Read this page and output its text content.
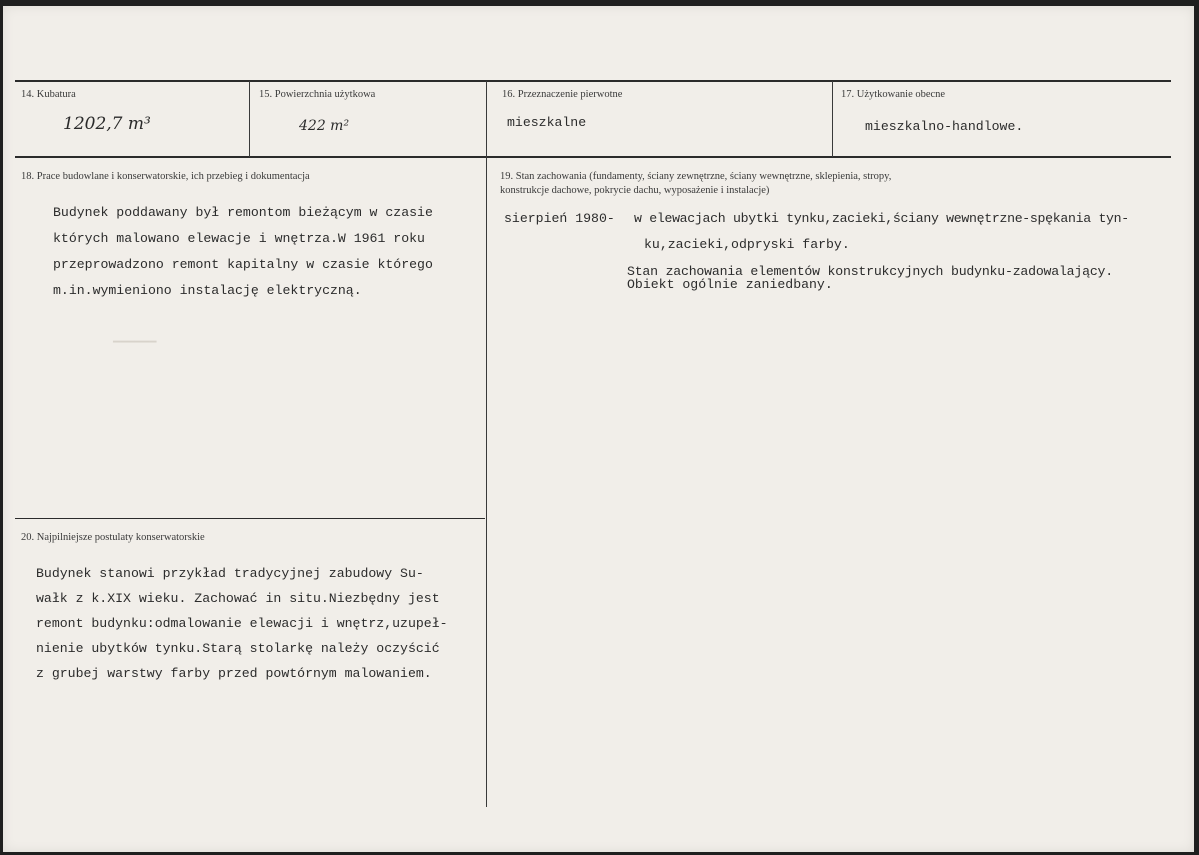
▔▔▔▔▔▔
14. Kubatura
1202,7 m³
15. Powierzchnia użytkowa
422 m²
16. Przeznaczenie pierwotne
mieszkalne
17. Użytkowanie obecne
mieszkalno-handlowe.
18. Prace budowlane i konserwatorskie, ich przebieg i dokumentacja
Budynek poddawany był remontom bieżącym w czasie
których malowano elewacje i wnętrza.W 1961 roku
przeprowadzono remont kapitalny w czasie którego
m.in.wymieniono instalację elektryczną.
19. Stan zachowania (fundamenty, ściany zewnętrzne, ściany wewnętrzne, sklepienia, stropy,
konstrukcje dachowe, pokrycie dachu, wyposażenie i instalacje)
sierpień 1980- w elewacjach ubytki tynku,zacieki,ściany wewnętrzne-spękania tyn-
ku,zacieki,odpryski farby.
Stan zachowania elementów konstrukcyjnych budynku-zadowalający.
Obiekt ogólnie zaniedbany.
20. Najpilniejsze postulaty konserwatorskie
Budynek stanowi przykład tradycyjnej zabudowy Su-
wałk z k.XIX wieku. Zachować in situ.Niezbędny jest
remont budynku:odmalowanie elewacji i wnętrz,uzupeł-
nienie ubytków tynku.Starą stolarkę należy oczyścić
z grubej warstwy farby przed powtórnym malowaniem.
